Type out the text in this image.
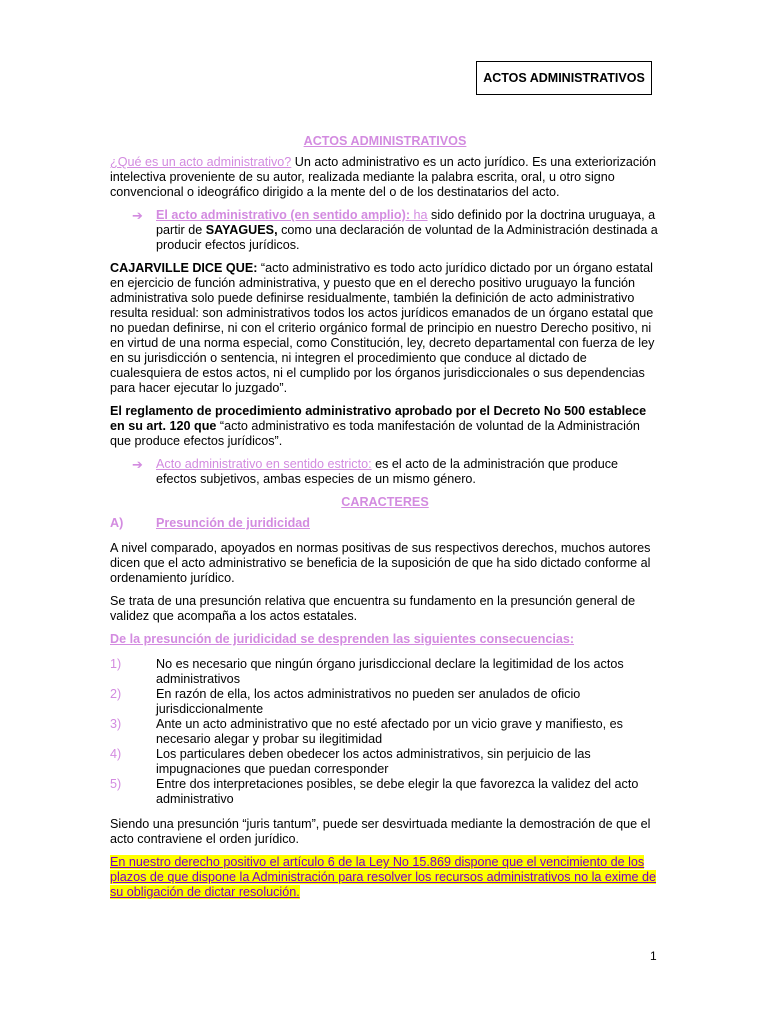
ACTOS ADMINISTRATIVOS
ACTOS ADMINISTRATIVOS

¿Qué es un acto administrativo? Un acto administrativo es un acto jurídico. Es una exteriorización intelectiva proveniente de su autor, realizada mediante la palabra escrita, oral, u otro signo convencional o ideográfico dirigido a la mente del o de los destinatarios del acto.

➔	El acto administrativo (en sentido amplio): ha sido definido por la doctrina uruguaya, a partir de SAYAGUES, como una declaración de voluntad de la Administración destinada a producir efectos jurídicos.

CAJARVILLE DICE QUE: “acto administrativo es todo acto jurídico dictado por un órgano estatal en ejercicio de función administrativa, y puesto que en el derecho positivo uruguayo la función administrativa solo puede definirse residualmente, también la definición de acto administrativo resulta residual: son administrativos todos los actos jurídicos emanados de un órgano estatal que no puedan definirse, ni con el criterio orgánico formal de principio en nuestro Derecho positivo, ni en virtud de una norma especial, como Constitución, ley, decreto departamental con fuerza de ley en su jurisdicción o sentencia, ni integren el procedimiento que conduce al dictado de cualesquiera de estos actos, ni el cumplido por los órganos jurisdiccionales o sus dependencias para hacer ejecutar lo juzgado”.

El reglamento de procedimiento administrativo aprobado por el Decreto No 500 establece en su art. 120 que “acto administrativo es toda manifestación de voluntad de la Administración que produce efectos jurídicos”.

➔	Acto administrativo en sentido estricto: es el acto de la administración que produce efectos subjetivos, ambas especies de un mismo género.
CARACTERES
A)	Presunción de juridicidad

A nivel comparado, apoyados en normas positivas de sus respectivos derechos, muchos autores dicen que el acto administrativo se beneficia de la suposición de que ha sido dictado conforme al ordenamiento jurídico.

Se trata de una presunción relativa que encuentra su fundamento en la presunción general de validez que acompaña a los actos estatales.

De la presunción de juridicidad se desprenden las siguientes consecuencias:
1)	No es necesario que ningún órgano jurisdiccional declare la legitimidad de los actos administrativos
2)	En razón de ella, los actos administrativos no pueden ser anulados de oficio jurisdiccionalmente
3)	Ante un acto administrativo que no esté afectado por un vicio grave y manifiesto, es necesario alegar y probar su ilegitimidad
4)	Los particulares deben obedecer los actos administrativos, sin perjuicio de las impugnaciones que puedan corresponder
5)	Entre dos interpretaciones posibles, se debe elegir la que favorezca la validez del acto administrativo

Siendo una presunción “juris tantum”, puede ser desvirtuada mediante la demostración de que el acto contraviene el orden jurídico.

En nuestro derecho positivo el artículo 6 de la Ley No 15.869 dispone que el vencimiento de los plazos de que dispone la Administración para resolver los recursos administrativos no la exime de su obligación de dictar resolución.

1
